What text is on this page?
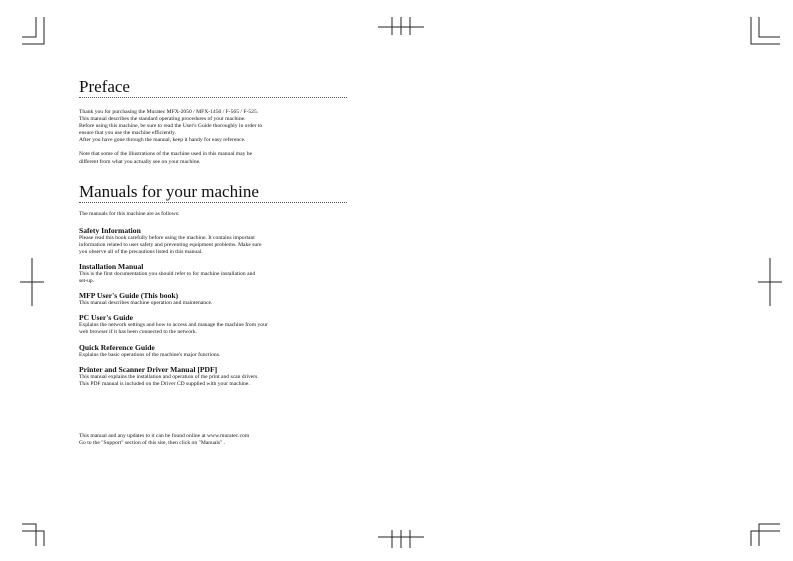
Preface

Thank you for purchasing the Muratec MFX-2050 / MFX-1450 / F-565 / F-525.
This manual describes the standard operating procedures of your machine.
Before using this machine, be sure to read the User's Guide thoroughly in order to
ensure that you use the machine efficiently.
After you have gone through the manual, keep it handy for easy reference.

Note that some of the illustrations of the machine used in this manual may be
different from what you actually see on your machine.

Manuals for your machine

The manuals for this machine are as follows:

Safety Information

Please read this book carefully before using the machine. It contains important
information related to user safety and preventing equipment problems. Make sure
you observe all of the precautions listed in this manual.

Installation Manual

This is the first documentation you should refer to for machine installation and
set-up.

MFP User's Guide (This book)

This manual describes machine operation and maintenance.

PC User's Guide

Explains the network settings and how to access and manage the machine from your
web browser if it has been connected to the network.

Quick Reference Guide

Explains the basic operations of the machine's major functions.

Printer and Scanner Driver Manual [PDF]

This manual explains the installation and operation of the print and scan drivers.
This PDF manual is included on the Driver CD supplied with your machine.

This manual and any updates to it can be found online at www.muratec.com
Go to the "Support" section of this site, then click on "Manuals" .
